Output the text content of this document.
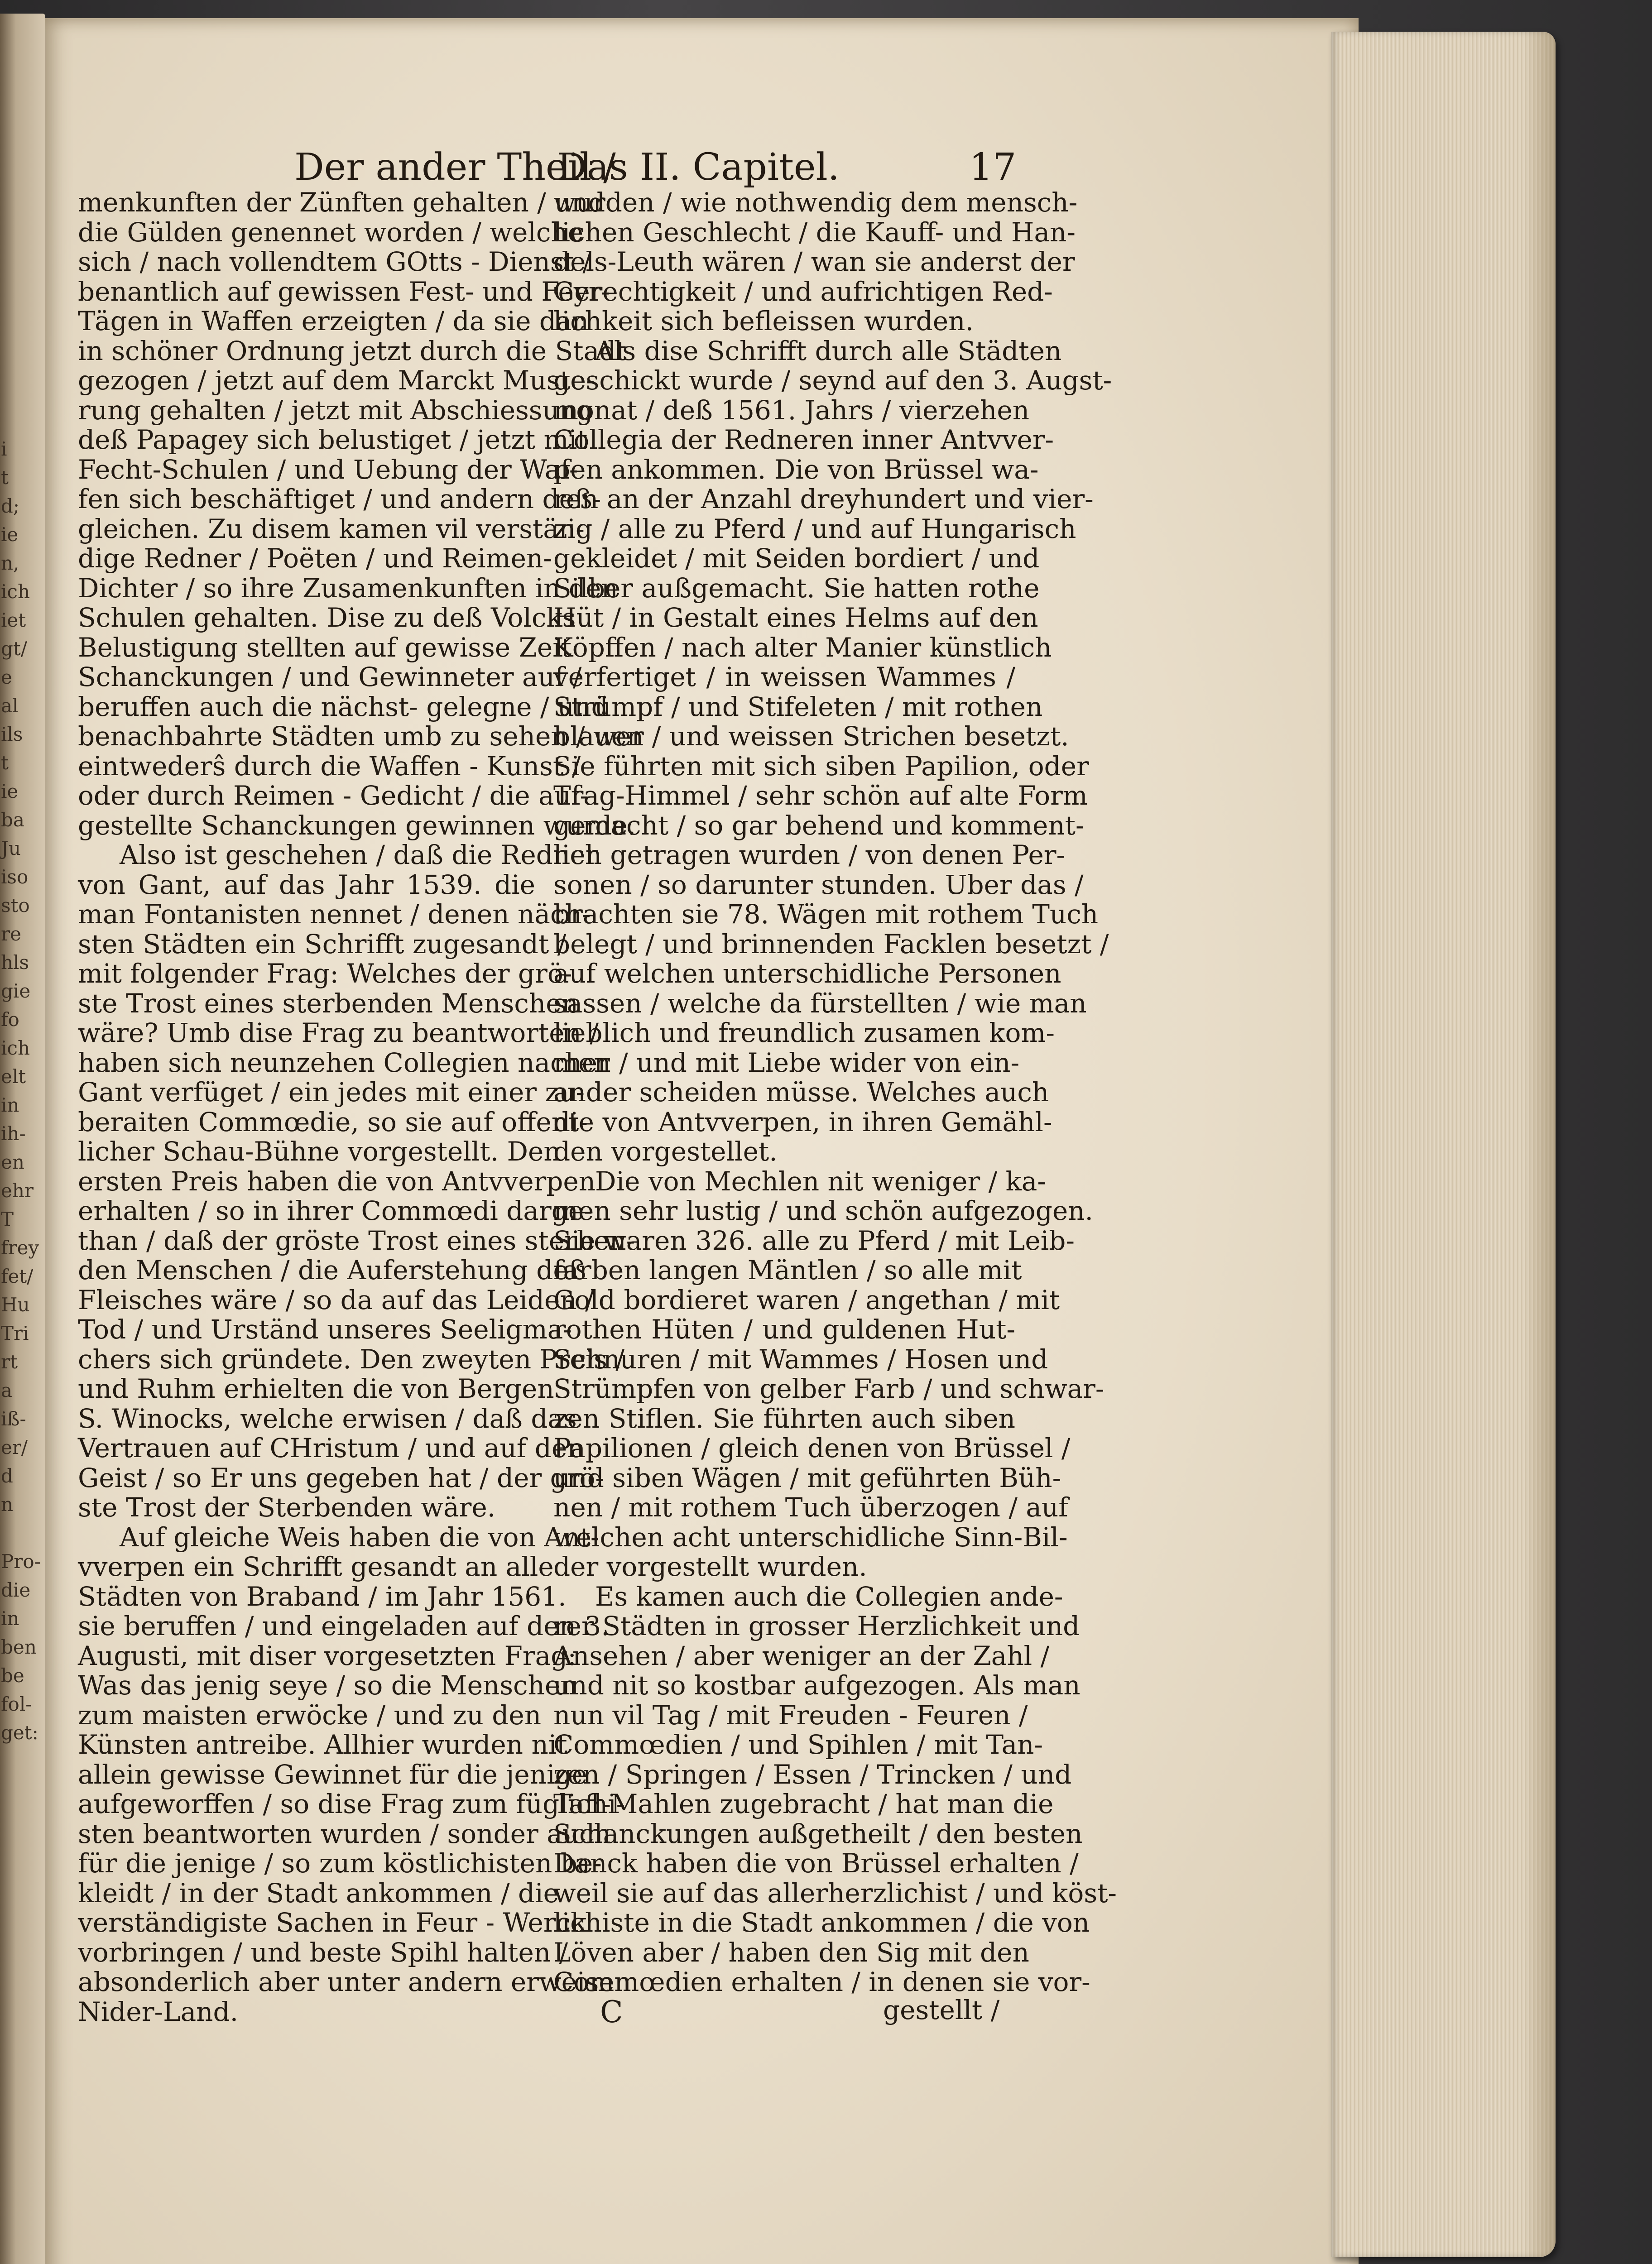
i
t
d;
ie
n,
ich
iet
gt/
e
al
ils
t
ie
ba
Ju
iso
sto
re
hls
gie
fo
ich
elt
in
ih-
en
ehr
T
frey
fet/
Hu
Tri
rt
a
iß-
er/
d
n
Pro-
die
in
ben
be
fol-
get:
Der ander Theil /
Das II. Capitel.	17
menkunften der Zünften gehalten / und
die Gülden genennet worden / welche
sich / nach vollendtem GOtts - Dienst /
benantlich auf gewissen Fest- und Feyr-
Tägen in Waffen erzeigten / da sie dan
in schöner Ordnung jetzt durch die Stadt
gezogen / jetzt auf dem Marckt Muste-
rung gehalten / jetzt mit Abschiessung
deß Papagey sich belustiget / jetzt mit
Fecht-Schulen / und Uebung der Waf-
fen sich beschäftiget / und andern deß-
gleichen. Zu disem kamen vil verstän-
dige Redner / Poëten / und Reimen-
Dichter / so ihre Zusamenkunften in den
Schulen gehalten. Dise zu deß Volcks
Belustigung stellten auf gewisse Zeit
Schanckungen / und Gewinneter auf /
beruffen auch die nächst- gelegne / und
benachbahrte Städten umb zu sehen / wer
eintwederŝ durch die Waffen - Kunst /
oder durch Reimen - Gedicht / die auf-
gestellte Schanckungen gewinnen wurde.
Also ist geschehen / daß die Redner
von Gant, auf das Jahr 1539. die
man Fontanisten nennet / denen näch-
sten Städten ein Schrifft zugesandt /
mit folgender Frag: Welches der grö-
ste Trost eines sterbenden Menschen
wäre? Umb dise Frag zu beantworten /
haben sich neunzehen Collegien nacher
Gant verfüget / ein jedes mit einer zu-
beraiten Commœdie, so sie auf offent-
licher Schau-Bühne vorgestellt. Den
ersten Preis haben die von Antvverpen
erhalten / so in ihrer Commœdi darge-
than / daß der gröste Trost eines sterben-
den Menschen / die Auferstehung deß
Fleisches wäre / so da auf das Leiden /
Tod / und Urständ unseres Seeligma-
chers sich gründete. Den zweyten Preis /
und Ruhm erhielten die von Bergen
S. Winocks, welche erwisen / daß das
Vertrauen auf CHristum / und auf den
Geist / so Er uns gegeben hat / der grö-
ste Trost der Sterbenden wäre.
Auf gleiche Weis haben die von Ant-
vverpen ein Schrifft gesandt an alle
Städten von Braband / im Jahr 1561.
sie beruffen / und eingeladen auf den 3.
Augusti, mit diser vorgesetzten Frag:
Was das jenig seye / so die Menschen
zum maisten erwöcke / und zu den
Künsten antreibe. Allhier wurden nit
allein gewisse Gewinnet für die jenige
aufgeworffen / so dise Frag zum füglichi-
sten beantworten wurden / sonder auch
für die jenige / so zum köstlichisten be-
kleidt / in der Stadt ankommen / die
verständigiste Sachen in Feur - Werck
vorbringen / und beste Spihl halten /
absonderlich aber unter andern erweisen
Nider-Land.
wurden / wie nothwendig dem mensch-
lichen Geschlecht / die Kauff- und Han-
dels-Leuth wären / wan sie anderst der
Gerechtigkeit / und aufrichtigen Red-
lichkeit sich befleissen wurden.
Als dise Schrifft durch alle Städten
geschickt wurde / seynd auf den 3. Augst-
monat / deß 1561. Jahrs / vierzehen
Collegia der Redneren inner Antvver-
pen ankommen. Die von Brüssel wa-
ren an der Anzahl dreyhundert und vier-
zig / alle zu Pferd / und auf Hungarisch
gekleidet / mit Seiden bordiert / und
Silber außgemacht. Sie hatten rothe
Hüt / in Gestalt eines Helms auf den
Köpffen / nach alter Manier künstlich
verfertiget / in weissen Wammes /
Strümpf / und Stifeleten / mit rothen
blauen / und weissen Strichen besetzt.
Sie führten mit sich siben Papilion, oder
Trag-Himmel / sehr schön auf alte Form
gemacht / so gar behend und komment-
lich getragen wurden / von denen Per-
sonen / so darunter stunden. Uber das /
brachten sie 78. Wägen mit rothem Tuch
belegt / und brinnenden Facklen besetzt /
auf welchen unterschidliche Personen
sassen / welche da fürstellten / wie man
lieblich und freundlich zusamen kom-
men / und mit Liebe wider von ein-
ander scheiden müsse. Welches auch
die von Antvverpen, in ihren Gemähl-
den vorgestellet.
Die von Mechlen nit weniger / ka-
men sehr lustig / und schön aufgezogen.
Sie waren 326. alle zu Pferd / mit Leib-
farben langen Mäntlen / so alle mit
Gold bordieret waren / angethan / mit
rothen Hüten / und guldenen Hut-
Schnuren / mit Wammes / Hosen und
Strümpfen von gelber Farb / und schwar-
zen Stiflen. Sie führten auch siben
Papilionen / gleich denen von Brüssel /
und siben Wägen / mit geführten Büh-
nen / mit rothem Tuch überzogen / auf
welchen acht unterschidliche Sinn-Bil-
der vorgestellt wurden.
Es kamen auch die Collegien ande-
rer Städten in grosser Herzlichkeit und
Ansehen / aber weniger an der Zahl /
und nit so kostbar aufgezogen. Als man
nun vil Tag / mit Freuden - Feuren /
Commœdien / und Spihlen / mit Tan-
zen / Springen / Essen / Trincken / und
Tafl-Mahlen zugebracht / hat man die
Schanckungen außgetheilt / den besten
Danck haben die von Brüssel erhalten /
weil sie auf das allerherzlichist / und köst-
lichiste in die Stadt ankommen / die von
Löven aber / haben den Sig mit den
Commœdien erhalten / in denen sie vor-
C	gestellt /
